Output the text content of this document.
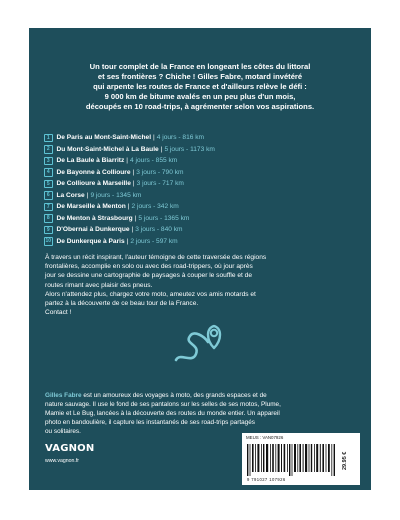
Un tour complet de la France en longeant les côtes du littoral
et ses frontières ? Chiche ! Gilles Fabre, motard invétéré
qui arpente les routes de France et d'ailleurs relève le défi :
9 000 km de bitume avalés en un peu plus d'un mois,
découpés en 10 road-trips, à agrémenter selon vos aspirations.
1	De Paris au Mont-Saint-Michel | 4 jours - 816 km
2	Du Mont-Saint-Michel à La Baule | 5 jours - 1173 km
3	De La Baule à Biarritz | 4 jours - 855 km
4	De Bayonne à Collioure | 3 jours - 790 km
5	De Collioure à Marseille | 3 jours - 717 km
6	La Corse | 9 jours - 1345 km
7	De Marseille à Menton | 2 jours - 342 km
8	De Menton à Strasbourg | 5 jours - 1365 km
9	D'Obernai à Dunkerque | 3 jours - 840 km
10 De Dunkerque à Paris | 2 jours - 597 km
À travers un récit inspirant, l'auteur témoigne de cette traversée des régions
frontalières, accomplie en solo ou avec des road-trippers, où jour après
jour se dessine une cartographie de paysages à couper le souffle et de
routes rimant avec plaisir des pneus.
Alors n'attendez plus, chargez votre moto, ameutez vos amis motards et
partez à la découverte de ce beau tour de la France.
Contact !
Gilles Fabre est un amoureux des voyages à moto, des grands espaces et de
nature sauvage. Il use le fond de ses pantalons sur les selles de ses motos, Plume,
Mamie et Le Bug, lancées à la découverte des routes du monde entier. Un appareil
photo en bandoulière, il capture les instantanés de ses road-trips partagés
ou solitaires.
VAGNON
www.vagnon.fr
MEUS : VAN07926
9 791027 107926
29.95 €
